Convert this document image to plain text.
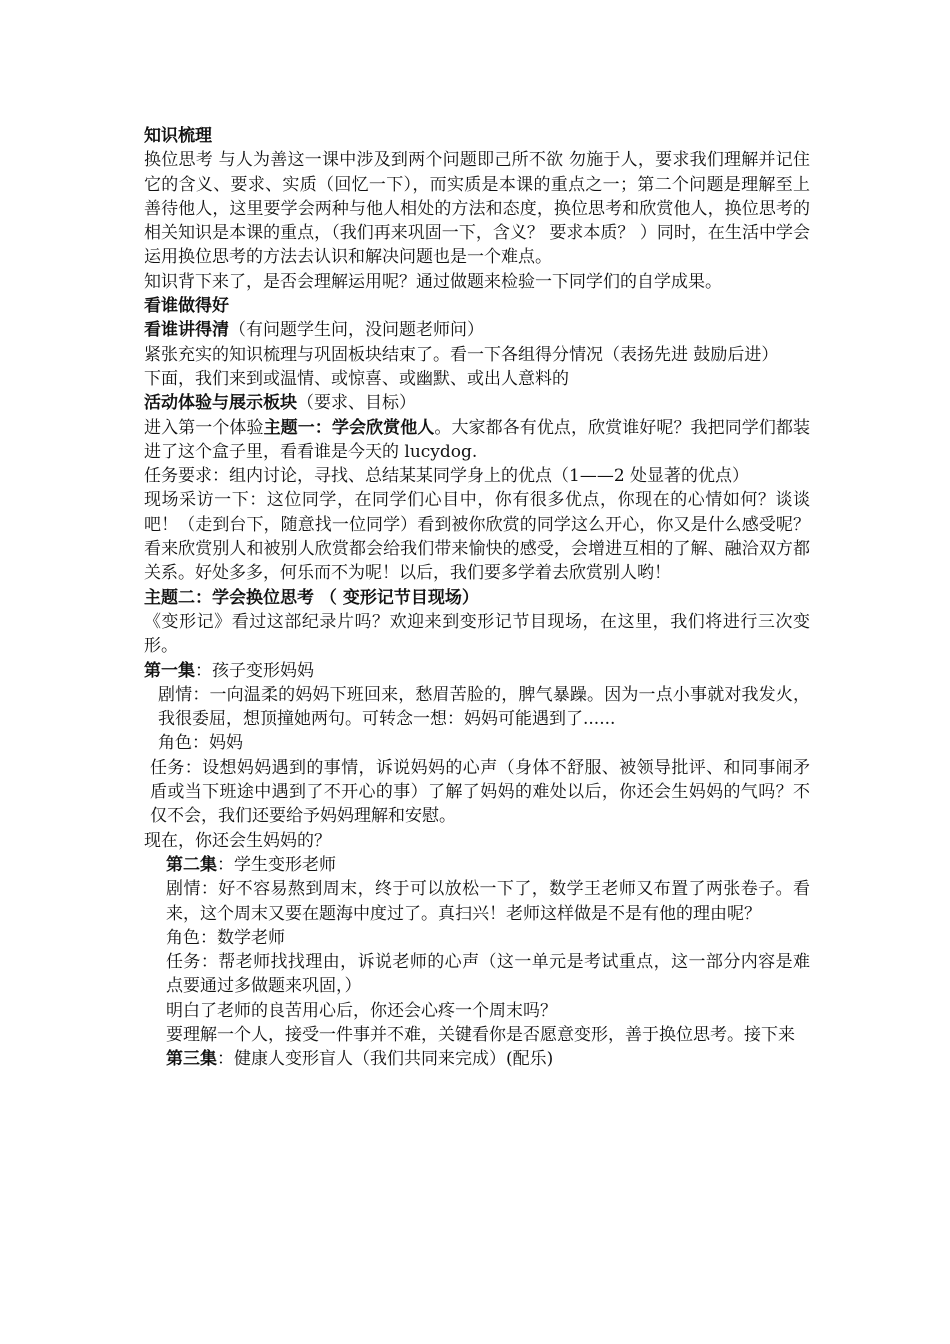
知识梳理
换位思考 与人为善这一课中涉及到两个问题即己所不欲 勿施于人，要求我们理解并记住它的含义、要求、实质（回忆一下），而实质是本课的重点之一；第二个问题是理解至上 善待他人，这里要学会两种与他人相处的方法和态度，换位思考和欣赏他人，换位思考的相关知识是本课的重点，（我们再来巩固一下，含义？ 要求本质？ ）同时，在生活中学会运用换位思考的方法去认识和解决问题也是一个难点。
知识背下来了，是否会理解运用呢？通过做题来检验一下同学们的自学成果。
看谁做得好
看谁讲得清（有问题学生问，没问题老师问）
紧张充实的知识梳理与巩固板块结束了。看一下各组得分情况（表扬先进 鼓励后进）
下面，我们来到或温情、或惊喜、或幽默、或出人意料的
活动体验与展示板块（要求、目标）
进入第一个体验主题一：学会欣赏他人。大家都各有优点，欣赏谁好呢？我把同学们都装进了这个盒子里，看看谁是今天的 lucydog.
任务要求：组内讨论，寻找、总结某某同学身上的优点（1——2 处显著的优点）
现场采访一下：这位同学，在同学们心目中，你有很多优点，你现在的心情如何？谈谈吧！（走到台下，随意找一位同学）看到被你欣赏的同学这么开心，你又是什么感受呢？看来欣赏别人和被别人欣赏都会给我们带来愉快的感受，会增进互相的了解、融洽双方都关系。好处多多，何乐而不为呢！以后，我们要多学着去欣赏别人哟！
主题二：学会换位思考 （ 变形记节目现场）
《变形记》看过这部纪录片吗？欢迎来到变形记节目现场，在这里，我们将进行三次变形。
第一集：孩子变形妈妈
剧情：一向温柔的妈妈下班回来，愁眉苦脸的，脾气暴躁。因为一点小事就对我发火，我很委屈，想顶撞她两句。可转念一想：妈妈可能遇到了......
角色：妈妈
任务：设想妈妈遇到的事情，诉说妈妈的心声（身体不舒服、被领导批评、和同事闹矛盾或当下班途中遇到了不开心的事）了解了妈妈的难处以后，你还会生妈妈的气吗？不仅不会，我们还要给予妈妈理解和安慰。
现在，你还会生妈妈的？
第二集：学生变形老师
剧情：好不容易熬到周末，终于可以放松一下了，数学王老师又布置了两张卷子。看来，这个周末又要在题海中度过了。真扫兴！老师这样做是不是有他的理由呢？
角色：数学老师
任务：帮老师找找理由，诉说老师的心声（这一单元是考试重点，这一部分内容是难点要通过多做题来巩固，）
明白了老师的良苦用心后，你还会心疼一个周末吗？
要理解一个人，接受一件事并不难，关键看你是否愿意变形，善于换位思考。接下来
第三集：健康人变形盲人（我们共同来完成）(配乐)
